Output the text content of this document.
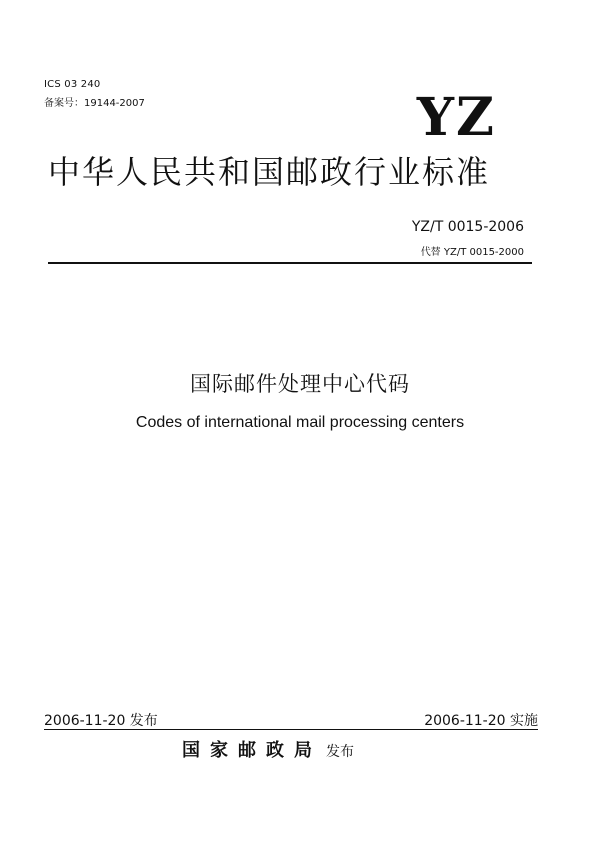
ICS 03 240
备案号：19144-2007	YZ
中华人民共和国邮政行业标准
YZ/T 0015-2006
代替 YZ/T 0015-2000
国际邮件处理中心代码
Codes of international mail processing centers
2006-11-20 发布	2006-11-20 实施
国家邮政局 发布
